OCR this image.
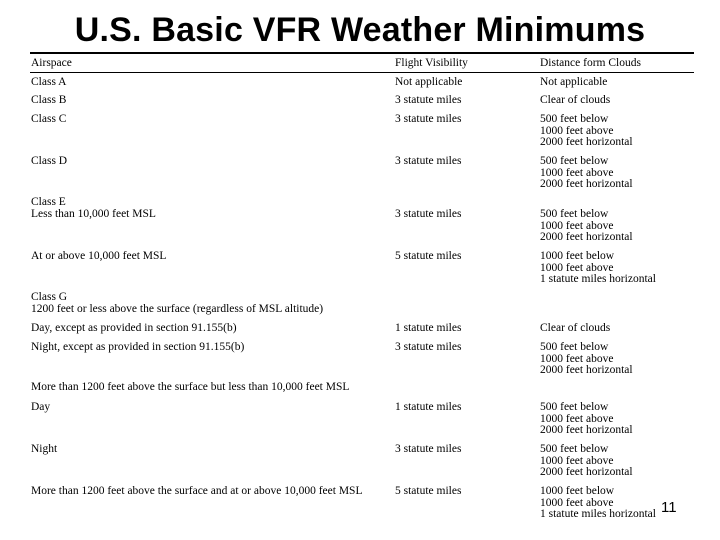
U.S. Basic VFR Weather Minimums
Airspace	Flight Visibility	Distance form Clouds
Class A	Not applicable	Not applicable
Class B	3 statute miles	Clear of clouds
Class C	3 statute miles	500 feet below
1000 feet above
2000 feet horizontal
Class D	3 statute miles	500 feet below
1000 feet above
2000 feet horizontal
Class E
Less than 10,000 feet MSL	3 statute miles	500 feet below
1000 feet above
2000 feet horizontal
At or above 10,000 feet MSL	5 statute miles	1000 feet below
1000 feet above
1 statute miles horizontal
Class G
1200 feet or less above the surface (regardless of MSL altitude)
Day, except as provided in section 91.155(b)	1 statute miles	Clear of clouds
Night, except as provided in section 91.155(b)	3 statute miles	500 feet below
1000 feet above
2000 feet horizontal
More than 1200 feet above the surface but less than 10,000 feet MSL
Day	1 statute miles	500 feet below
1000 feet above
2000 feet horizontal
Night	3 statute miles	500 feet below
1000 feet above
2000 feet horizontal
More than 1200 feet above the surface and at or above 10,000 feet MSL	5 statute miles	1000 feet below
1000 feet above
1 statute miles horizontal 11
